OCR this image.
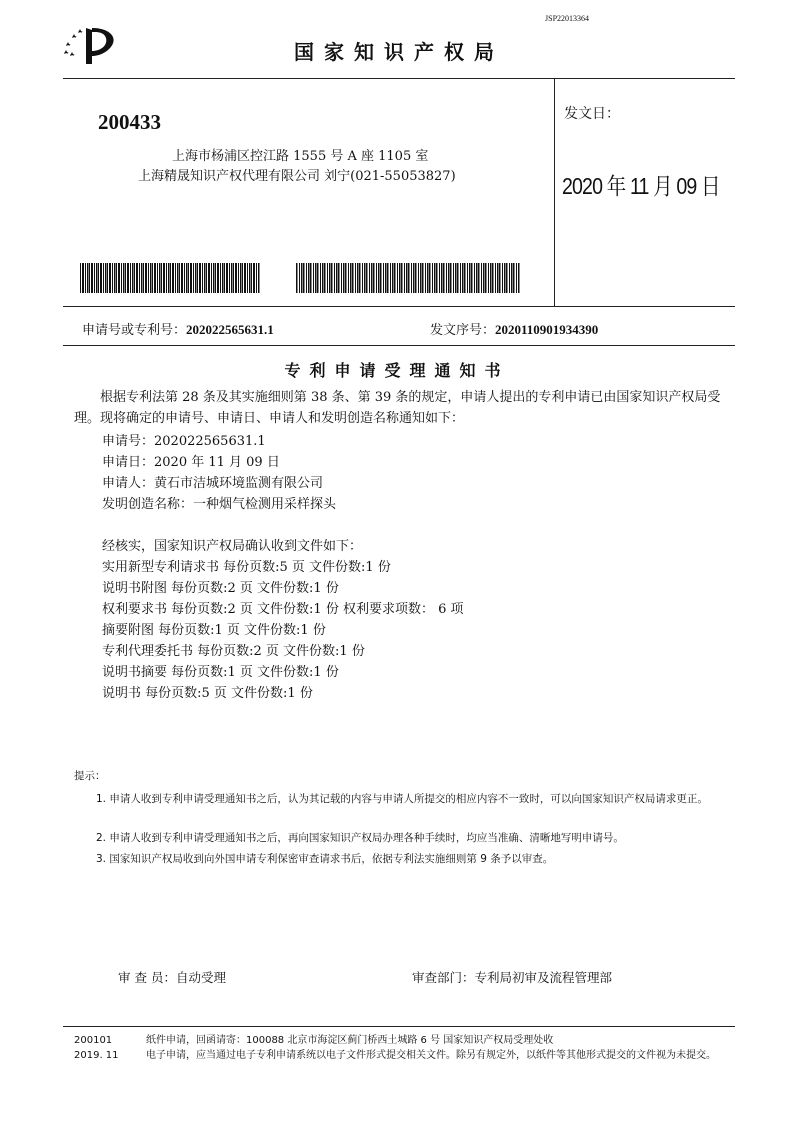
JSP22013364
国家知识产权局
200433
上海市杨浦区控江路 1555 号 A 座 1105 室
上海精晟知识产权代理有限公司 刘宁(021-55053827)
发文日：
2020 年 11 月 09 日
申请号或专利号：202022565631.1	发文序号：2020110901934390
专利申请受理通知书
根据专利法第 28 条及其实施细则第 38 条、第 39 条的规定，申请人提出的专利申请已由国家知识产权局受理。现将确定的申请号、申请日、申请人和发明创造名称通知如下：
申请号：202022565631.1
申请日：2020 年 11 月 09 日
申请人：黄石市洁城环境监测有限公司
发明创造名称：一种烟气检测用采样探头
经核实，国家知识产权局确认收到文件如下：
实用新型专利请求书 每份页数:5 页 文件份数:1 份
说明书附图 每份页数:2 页 文件份数:1 份
权利要求书 每份页数:2 页 文件份数:1 份 权利要求项数： 6 项
摘要附图 每份页数:1 页 文件份数:1 份
专利代理委托书 每份页数:2 页 文件份数:1 份
说明书摘要 每份页数:1 页 文件份数:1 份
说明书 每份页数:5 页 文件份数:1 份
提示：
1. 申请人收到专利申请受理通知书之后，认为其记载的内容与申请人所提交的相应内容不一致时，可以向国家知识产权局请求更正。
2. 申请人收到专利申请受理通知书之后，再向国家知识产权局办理各种手续时，均应当准确、清晰地写明申请号。
3. 国家知识产权局收到向外国申请专利保密审查请求书后，依据专利法实施细则第 9 条予以审查。
审 查 员：自动受理	审查部门：专利局初审及流程管理部
200101
2019. 11
纸件申请，回函请寄：100088 北京市海淀区蓟门桥西土城路 6 号 国家知识产权局受理处收
电子申请，应当通过电子专利申请系统以电子文件形式提交相关文件。除另有规定外，以纸件等其他形式提交的文件视为未提交。
